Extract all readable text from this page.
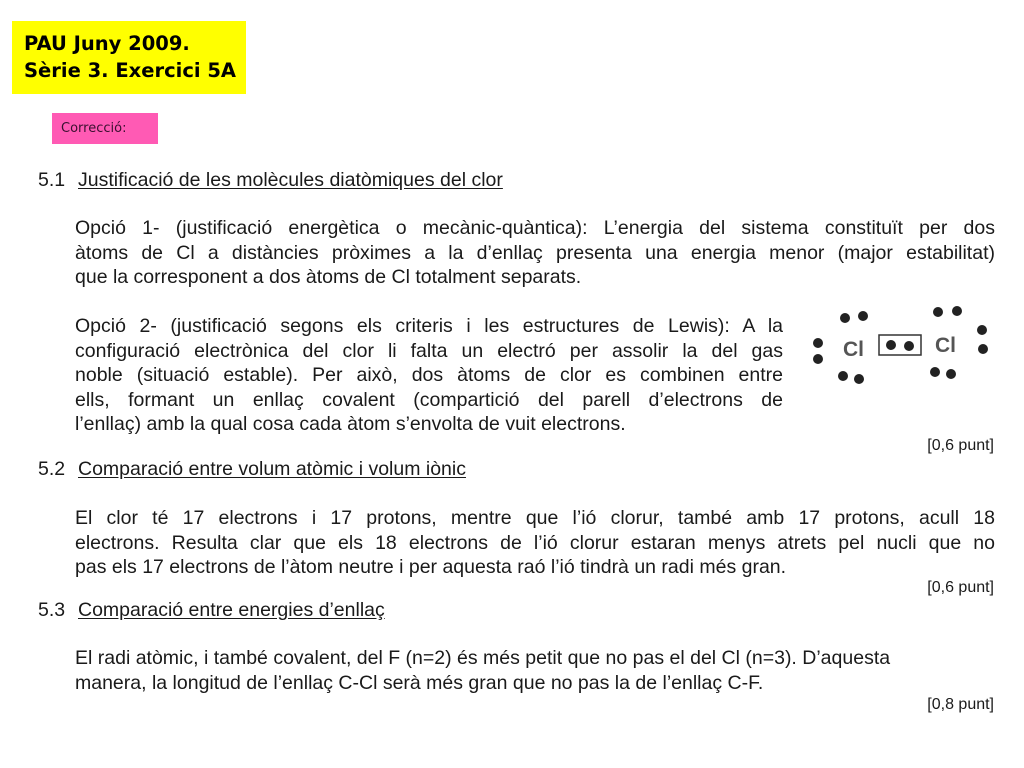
PAU Juny 2009.
Sèrie 3. Exercici 5A
Correcció:
5.1 Justificació de les molècules diatòmiques del clor
Opció 1- (justificació energètica o mecànic-quàntica): L’energia del sistema constituït per dos
àtoms de Cl a distàncies pròximes a la d’enllaç presenta una energia menor (major estabilitat)
que la corresponent a dos àtoms de Cl totalment separats.
Opció 2- (justificació segons els criteris i les estructures de Lewis): A la
configuració electrònica del clor li falta un electró per assolir la del gas
noble (situació estable). Per això, dos àtoms de clor es combinen entre
ells, formant un enllaç covalent (compartició del parell d’electrons de
l’enllaç) amb la qual cosa cada àtom s’envolta de vuit electrons.
Cl	Cl
[0,6 punt]
5.2 Comparació entre volum atòmic i volum iònic
El clor té 17 electrons i 17 protons, mentre que l’ió clorur, també amb 17 protons, acull 18
electrons. Resulta clar que els 18 electrons de l’ió clorur estaran menys atrets pel nucli que no
pas els 17 electrons de l’àtom neutre i per aquesta raó l’ió tindrà un radi més gran.
[0,6 punt]
5.3 Comparació entre energies d’enllaç
El radi atòmic, i també covalent, del F (n=2) és més petit que no pas el del Cl (n=3). D’aquesta
manera, la longitud de l’enllaç C-Cl serà més gran que no pas la de l’enllaç C-F.
[0,8 punt]
